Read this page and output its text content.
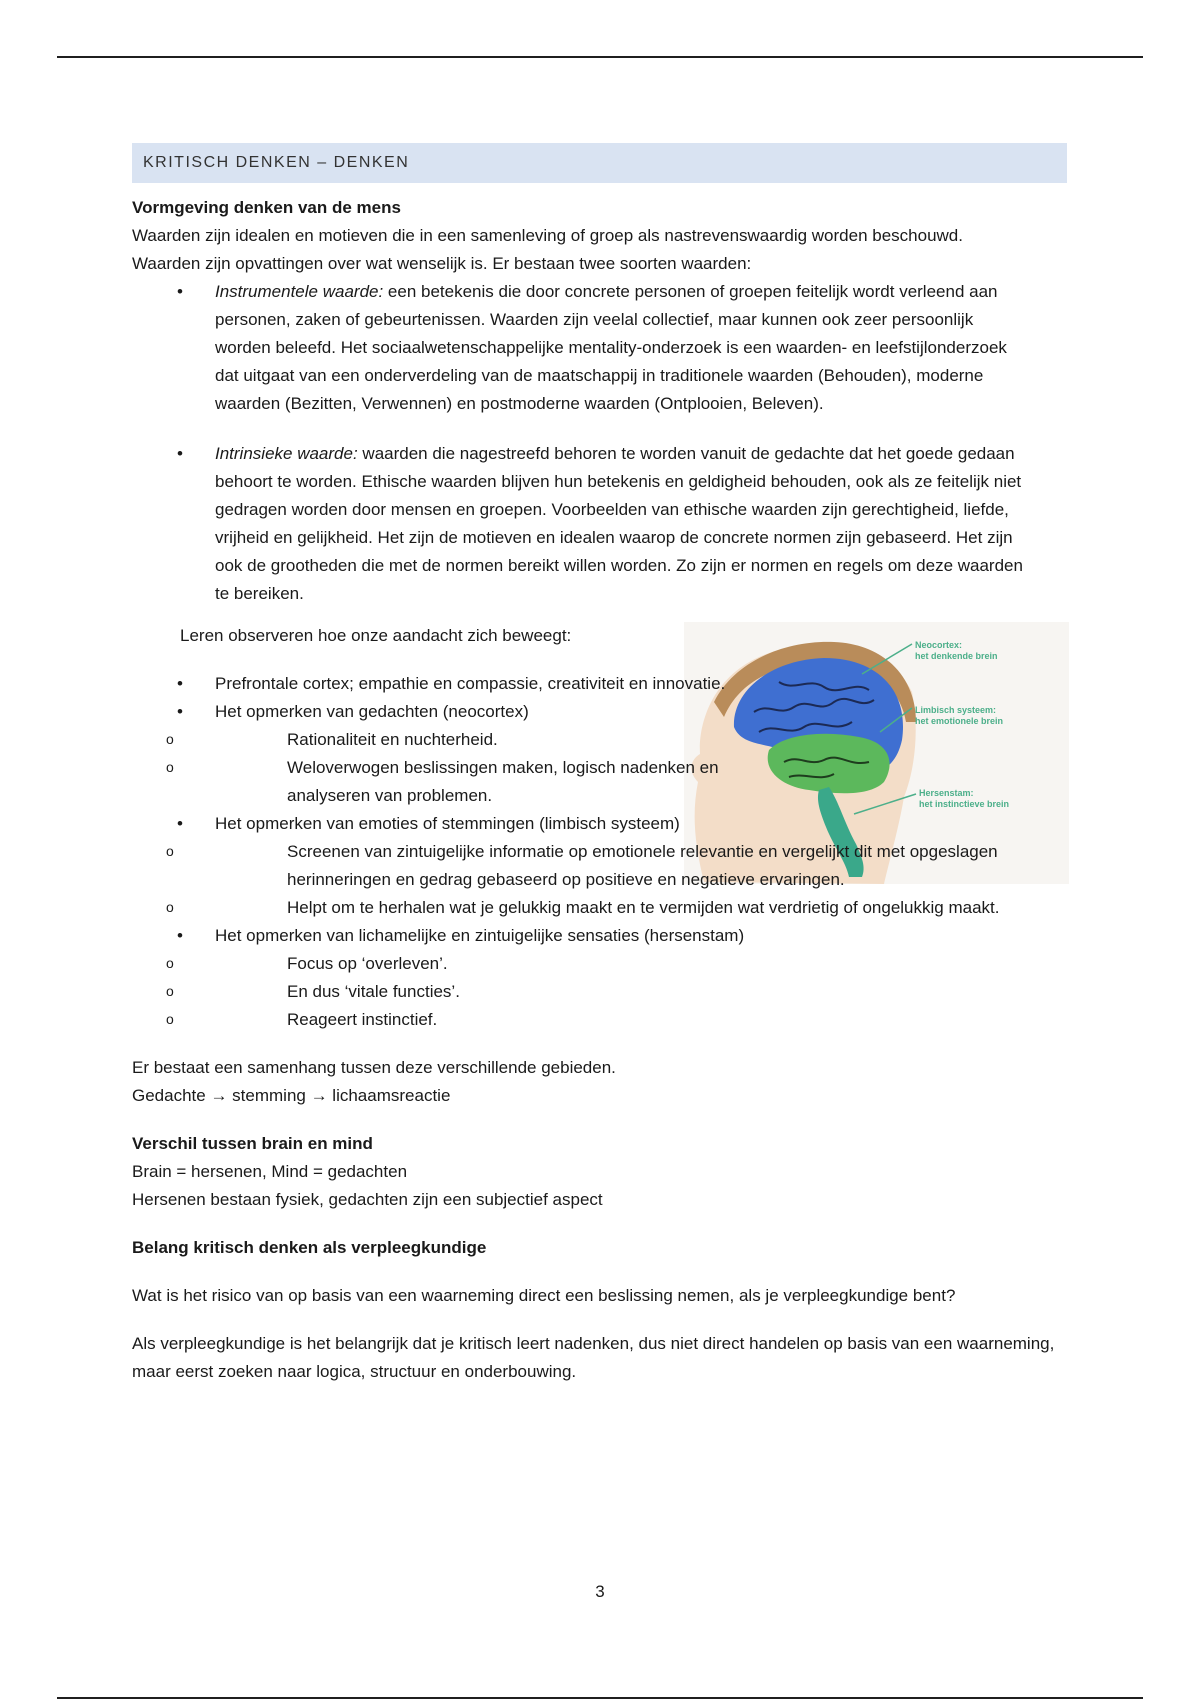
KRITISCH DENKEN – DENKEN

Vormgeving denken van de mens

Waarden zijn idealen en motieven die in een samenleving of groep als nastrevenswaardig worden beschouwd.

Waarden zijn opvattingen over wat wenselijk is. Er bestaan twee soorten waarden:

• Instrumentele waarde: een betekenis die door concrete personen of groepen feitelijk wordt verleend aan personen, zaken of gebeurtenissen. Waarden zijn veelal collectief, maar kunnen ook zeer persoonlijk worden beleefd. Het sociaalwetenschappelijke mentality-onderzoek is een waarden- en leefstijlonderzoek dat uitgaat van een onderverdeling van de maatschappij in traditionele waarden (Behouden), moderne waarden (Bezitten, Verwennen) en postmoderne waarden (Ontplooien, Beleven).
• Intrinsieke waarde: waarden die nagestreefd behoren te worden vanuit de gedachte dat het goede gedaan behoort te worden. Ethische waarden blijven hun betekenis en geldigheid behouden, ook als ze feitelijk niet gedragen worden door mensen en groepen. Voorbeelden van ethische waarden zijn gerechtigheid, liefde, vrijheid en gelijkheid. Het zijn de motieven en idealen waarop de concrete normen zijn gebaseerd. Het zijn ook de grootheden die met de normen bereikt willen worden. Zo zijn er normen en regels om deze waarden te bereiken.

Leren observeren hoe onze aandacht zich beweegt:	Neocortex:
het denkende brein
Limbisch systeem:
het emotionele brein
Hersenstam:
het instinctieve brein
• Prefrontale cortex; empathie en compassie, creativiteit en innovatie.
• Het opmerken van gedachten (neocortex)
o Rationaliteit en nuchterheid.
o Weloverwogen beslissingen maken, logisch nadenken en analyseren van problemen.
• Het opmerken van emoties of stemmingen (limbisch systeem)
o Screenen van zintuigelijke informatie op emotionele relevantie en vergelijkt dit met opgeslagen herinneringen en gedrag gebaseerd op positieve en negatieve ervaringen.
o Helpt om te herhalen wat je gelukkig maakt en te vermijden wat verdrietig of ongelukkig maakt.
• Het opmerken van lichamelijke en zintuigelijke sensaties (hersenstam)
o Focus op ‘overleven’.
o En dus ‘vitale functies’.
o Reageert instinctief.

Er bestaat een samenhang tussen deze verschillende gebieden.

Gedachte → stemming → lichaamsreactie

Verschil tussen brain en mind

Brain = hersenen, Mind = gedachten

Hersenen bestaan fysiek, gedachten zijn een subjectief aspect

Belang kritisch denken als verpleegkundige

Wat is het risico van op basis van een waarneming direct een beslissing nemen, als je verpleegkundige bent?

Als verpleegkundige is het belangrijk dat je kritisch leert nadenken, dus niet direct handelen op basis van een waarneming, maar eerst zoeken naar logica, structuur en onderbouwing.

3
